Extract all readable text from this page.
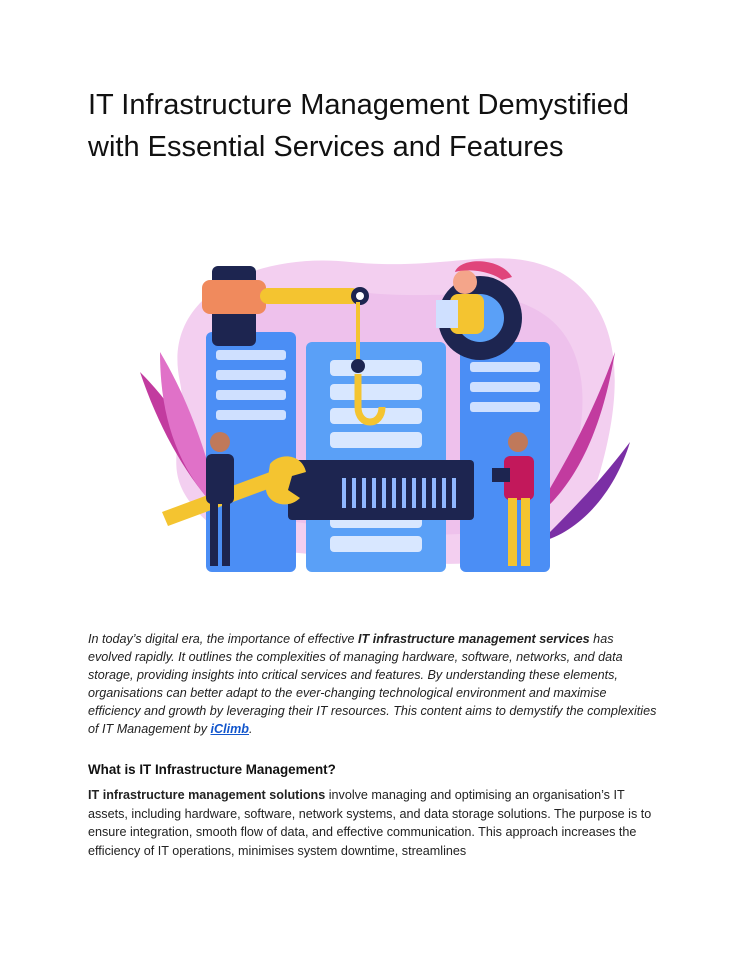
IT Infrastructure Management Demystified with Essential Services and Features

In today’s digital era, the importance of effective IT infrastructure management services has evolved rapidly. It outlines the complexities of managing hardware, software, networks, and data storage, providing insights into critical services and features. By understanding these elements, organisations can better adapt to the ever-changing technological environment and maximise efficiency and growth by leveraging their IT resources. This content aims to demystify the complexities of IT Management by iClimb.

What is IT Infrastructure Management?

IT infrastructure management solutions involve managing and optimising an organisation’s IT assets, including hardware, software, network systems, and data storage solutions. The purpose is to ensure integration, smooth flow of data, and effective communication. This approach increases the efficiency of IT operations, minimises system downtime, streamlines
